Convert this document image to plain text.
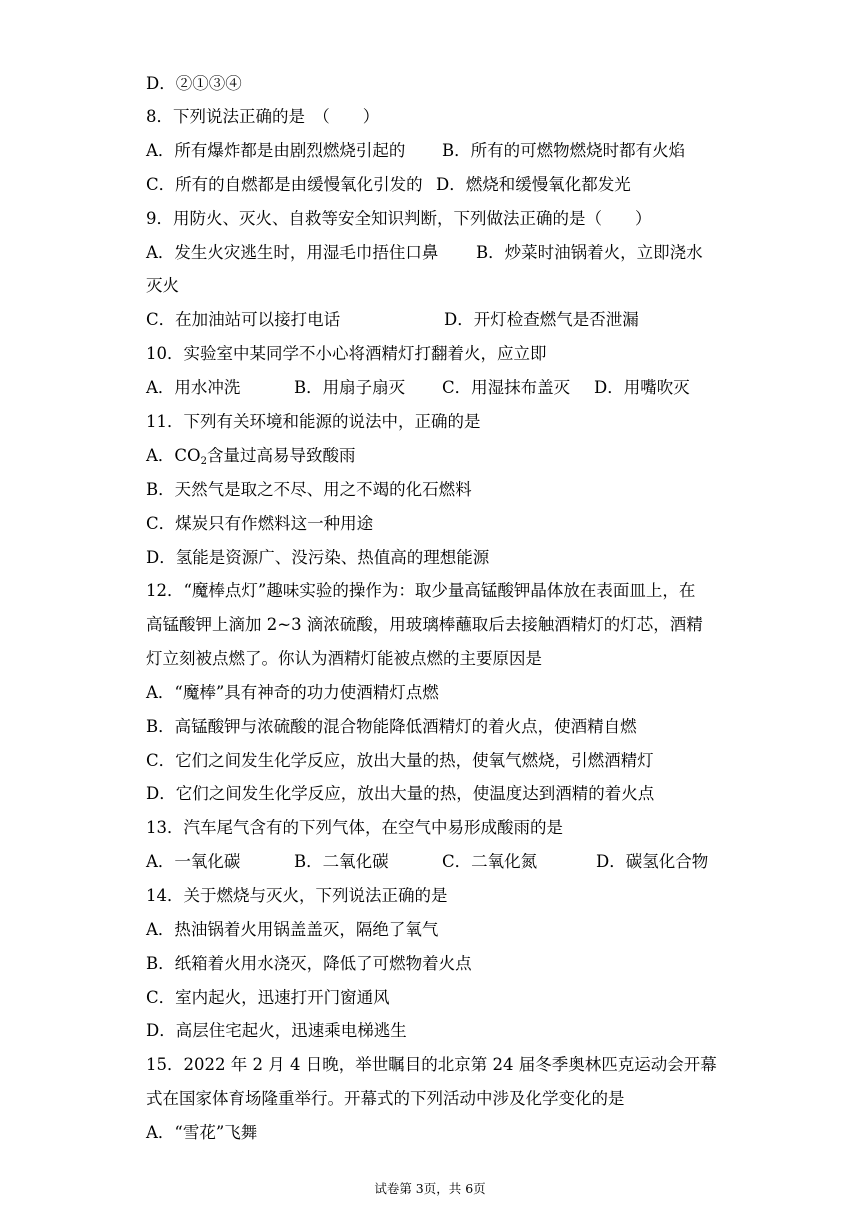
D．②①③④
8．下列说法正确的是　（　　）
A．所有爆炸都是由剧烈燃烧引起的 B．所有的可燃物燃烧时都有火焰
C．所有的自燃都是由缓慢氧化引发的 D．燃烧和缓慢氧化都发光
9．用防火、灭火、自救等安全知识判断，下列做法正确的是（　　）
A．发生火灾逃生时，用湿毛巾捂住口鼻 B．炒菜时油锅着火，立即浇水
灭火
C．在加油站可以接打电话	D．开灯检查燃气是否泄漏
10．实验室中某同学不小心将酒精灯打翻着火，应立即
A．用水冲洗	B．用扇子扇灭 C．用湿抹布盖灭 D．用嘴吹灭
11．下列有关环境和能源的说法中，正确的是
A．$CO_2$含量过高易导致酸雨
B．天然气是取之不尽、用之不竭的化石燃料
C．煤炭只有作燃料这一种用途
D．氢能是资源广、没污染、热值高的理想能源
12．“魔棒点灯”趣味实验的操作为：取少量高锰酸钾晶体放在表面皿上，在
高锰酸钾上滴加 2~3 滴浓硫酸，用玻璃棒蘸取后去接触酒精灯的灯芯，酒精
灯立刻被点燃了。你认为酒精灯能被点燃的主要原因是
A．“魔棒”具有神奇的功力使酒精灯点燃
B．高锰酸钾与浓硫酸的混合物能降低酒精灯的着火点，使酒精自燃
C．它们之间发生化学反应，放出大量的热，使氧气燃烧，引燃酒精灯
D．它们之间发生化学反应，放出大量的热，使温度达到酒精的着火点
13．汽车尾气含有的下列气体，在空气中易形成酸雨的是
A．一氧化碳	B．二氧化碳	C．二氧化氮	D．碳氢化合物
14．关于燃烧与灭火，下列说法正确的是
A．热油锅着火用锅盖盖灭，隔绝了氧气
B．纸箱着火用水浇灭，降低了可燃物着火点
C．室内起火，迅速打开门窗通风
D．高层住宅起火，迅速乘电梯逃生
15．2022 年 2 月 4 日晚，举世瞩目的北京第 24 届冬季奥林匹克运动会开幕
式在国家体育场隆重举行。开幕式的下列活动中涉及化学变化的是
A．“雪花”飞舞
试卷第 3页，共 6页
